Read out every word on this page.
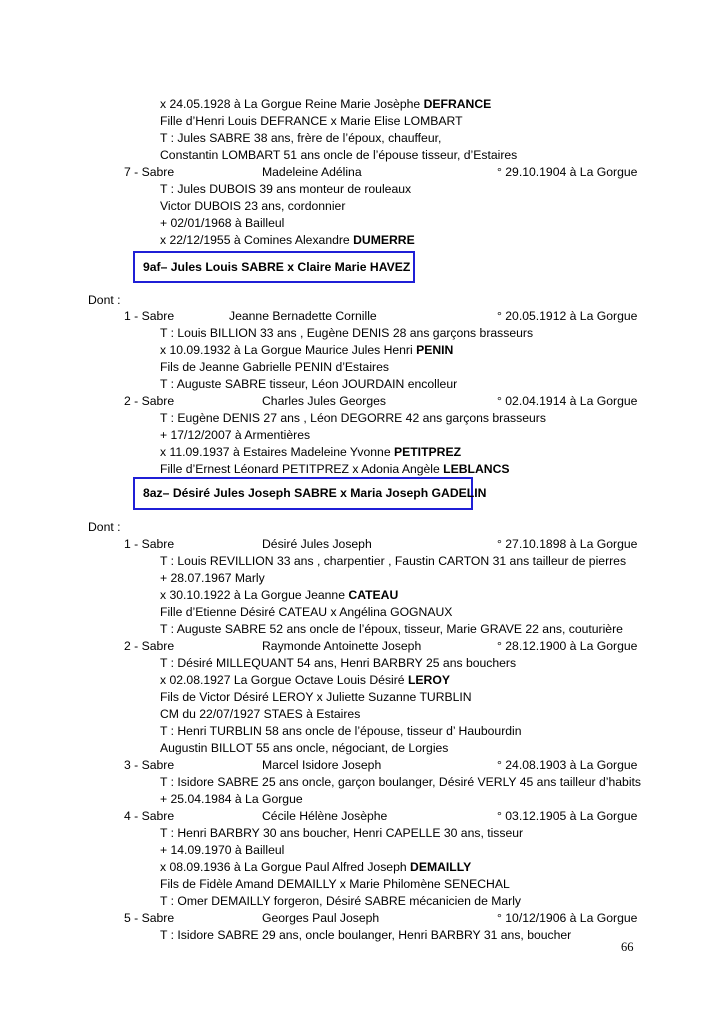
x 24.05.1928 à La Gorgue Reine Marie Josèphe DEFRANCE
Fille d’Henri Louis DEFRANCE x Marie Elise LOMBART
T : Jules SABRE 38 ans, frère de l’époux, chauffeur,
Constantin LOMBART 51 ans oncle de l’épouse tisseur, d’Estaires
7 - Sabre	Madeleine Adélina	° 29.10.1904 à La Gorgue
T : Jules DUBOIS 39 ans monteur de rouleaux
Victor DUBOIS 23 ans, cordonnier
+ 02/01/1968 à Bailleul
x 22/12/1955 à Comines Alexandre DUMERRE
9af– Jules Louis SABRE x Claire Marie HAVEZ
Dont :
1 - Sabre	Jeanne Bernadette Cornille	° 20.05.1912 à La Gorgue
T : Louis BILLION 33 ans , Eugène DENIS 28 ans garçons brasseurs
x 10.09.1932 à La Gorgue Maurice Jules Henri PENIN
Fils de Jeanne Gabrielle PENIN d’Estaires
T : Auguste SABRE tisseur, Léon JOURDAIN encolleur
2 - Sabre	Charles Jules Georges	° 02.04.1914 à La Gorgue
T : Eugène DENIS 27 ans , Léon DEGORRE 42 ans garçons brasseurs
+ 17/12/2007 à Armentières
x 11.09.1937 à Estaires Madeleine Yvonne PETITPREZ
Fille d’Ernest Léonard PETITPREZ x Adonia Angèle LEBLANCS
8az– Désiré Jules Joseph SABRE x Maria Joseph GADELIN
Dont :
1 - Sabre	Désiré Jules Joseph	° 27.10.1898 à La Gorgue
T : Louis REVILLION 33 ans , charpentier , Faustin CARTON 31 ans tailleur de pierres
+ 28.07.1967 Marly
x 30.10.1922 à La Gorgue Jeanne CATEAU
Fille d’Etienne Désiré CATEAU x Angélina GOGNAUX
T : Auguste SABRE 52 ans oncle de l’époux, tisseur, Marie GRAVE 22 ans, couturière
2 - Sabre	Raymonde Antoinette Joseph	° 28.12.1900 à La Gorgue
T : Désiré MILLEQUANT 54 ans, Henri BARBRY 25 ans bouchers
x 02.08.1927 La Gorgue Octave Louis Désiré LEROY
Fils de Victor Désiré LEROY x Juliette Suzanne TURBLIN
CM du 22/07/1927 STAES à Estaires
T : Henri TURBLIN 58 ans oncle de l’épouse, tisseur d’ Haubourdin
Augustin BILLOT 55 ans oncle, négociant, de Lorgies
3 - Sabre	Marcel Isidore Joseph	° 24.08.1903 à La Gorgue
T : Isidore SABRE 25 ans oncle, garçon boulanger, Désiré VERLY 45 ans tailleur d’habits
+ 25.04.1984 à La Gorgue
4 - Sabre	Cécile Hélène Josèphe	° 03.12.1905 à La Gorgue
T : Henri BARBRY 30 ans boucher, Henri CAPELLE 30 ans, tisseur
+ 14.09.1970 à Bailleul
x 08.09.1936 à La Gorgue Paul Alfred Joseph DEMAILLY
Fils de Fidèle Amand DEMAILLY x Marie Philomène SENECHAL
T : Omer DEMAILLY forgeron, Désiré SABRE mécanicien de Marly
5 - Sabre	Georges Paul Joseph	° 10/12/1906 à La Gorgue
T : Isidore SABRE 29 ans, oncle boulanger, Henri BARBRY 31 ans, boucher
66
